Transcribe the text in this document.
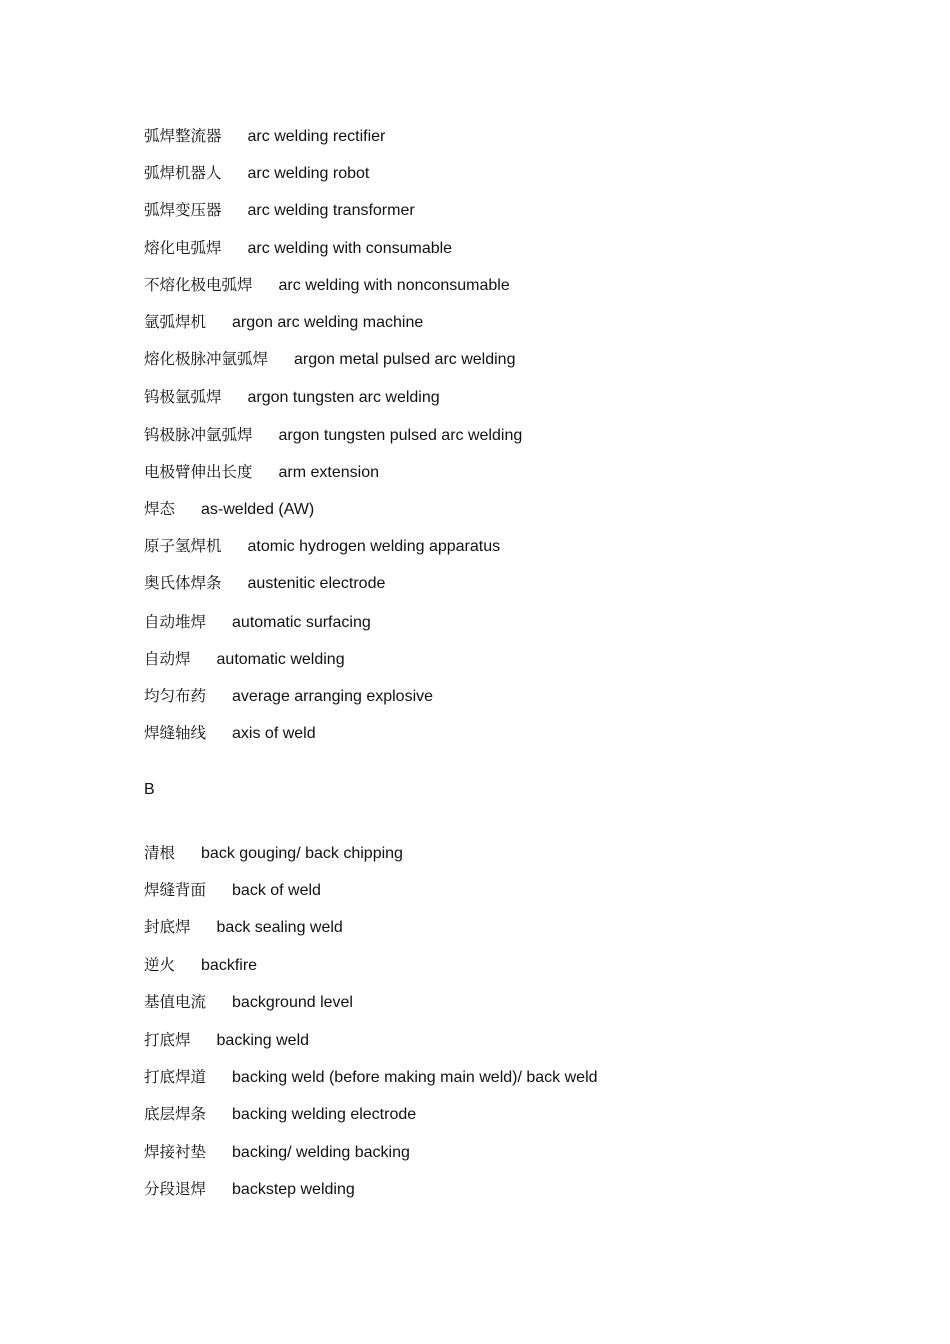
弧焊整流器 arc welding rectifier
弧焊机器人 arc welding robot
弧焊变压器 arc welding transformer
熔化电弧焊 arc welding with consumable
不熔化极电弧焊 arc welding with nonconsumable
氩弧焊机 argon arc welding machine
熔化极脉冲氩弧焊 argon metal pulsed arc welding
钨极氩弧焊 argon tungsten arc welding
钨极脉冲氩弧焊 argon tungsten pulsed arc welding
电极臂伸出长度 arm extension
焊态 as-welded (AW)
原子氢焊机 atomic hydrogen welding apparatus
奥氏体焊条 austenitic electrode
自动堆焊 automatic surfacing
自动焊 automatic welding
均匀布药 average arranging explosive
焊缝轴线 axis of weld
B
清根 back gouging/ back chipping
焊缝背面 back of weld
封底焊 back sealing weld
逆火 backfire
基值电流 background level
打底焊 backing weld
打底焊道 backing weld (before making main weld)/ back weld
底层焊条 backing welding electrode
焊接衬垫 backing/ welding backing
分段退焊 backstep welding
